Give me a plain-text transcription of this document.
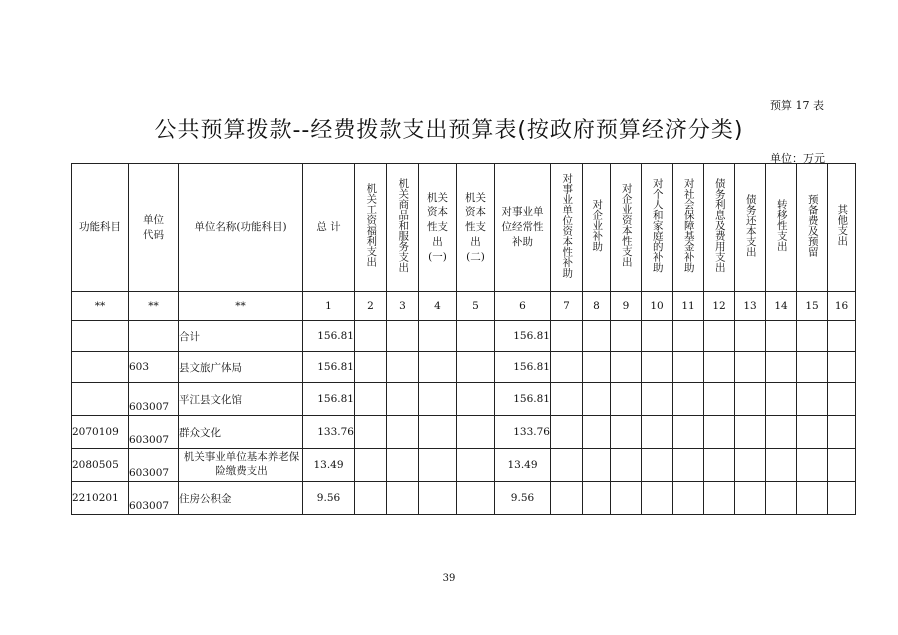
预算 17 表
公共预算拨款--经费拨款支出预算表(按政府预算经济分类)
单位：万元
功能科目	单位代码	单位名称(功能科目)	总 计	机关工资福利支出	机关商品和服务支出	机关资本性支出(一)	机关资本性支出(二)	对事业单位经常性补助	对事业单位资本性补助	对企业补助	对企业资本性支出	对个人和家庭的补助	对社会保障基金补助	债务利息及费用支出	债务还本支出	转移性支出	预备费及预留	其他支出
**	**	**	1	2	3	4	5	6	7	8	9	10	11	12	13	14	15	16
		合计	156.81					156.81										
	603	县文旅广体局	156.81					156.81										
	603007	平江县文化馆	156.81					156.81										
2070109	603007	群众文化	133.76					133.76										
2080505	603007	机关事业单位基本养老保险缴费支出	13.49					13.49										
2210201	603007	住房公积金	9.56					9.56										
39
